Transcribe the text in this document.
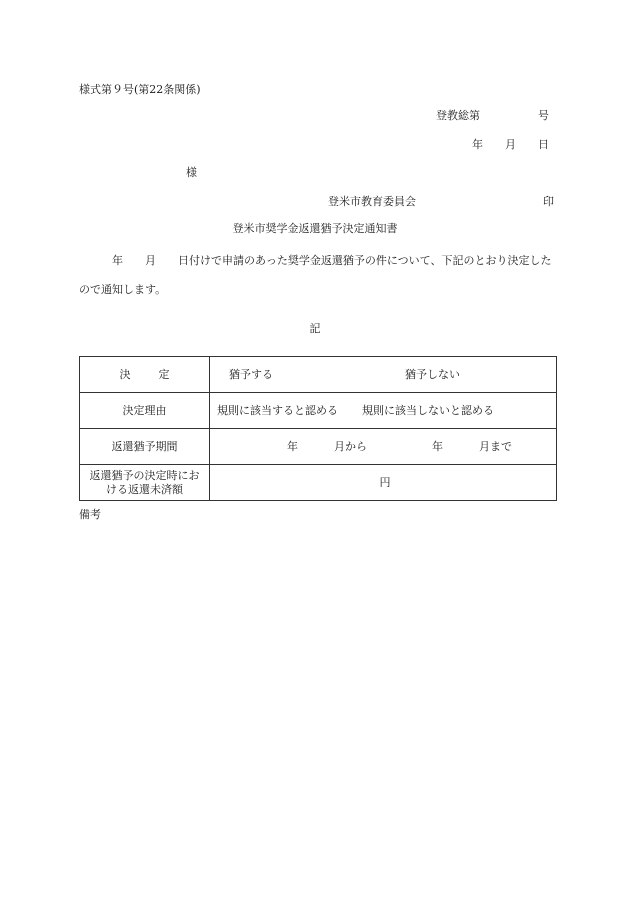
様式第９号(第22条関係)
登教総第	号
年 月 日
様
登米市教育委員会	印
登米市奨学金返還猶予決定通知書
年 月 日付けで申請のあった奨学金返還猶予の件について、下記のとおり決定したので通知します。
記
決 定	猶予する 猶予しない

決定理由	規則に該当すると認める 規則に該当しないと認める

返還猶予期間	年 月から 年 月まで

返還猶予の決定時にお
ける返還未済額	円
備考
